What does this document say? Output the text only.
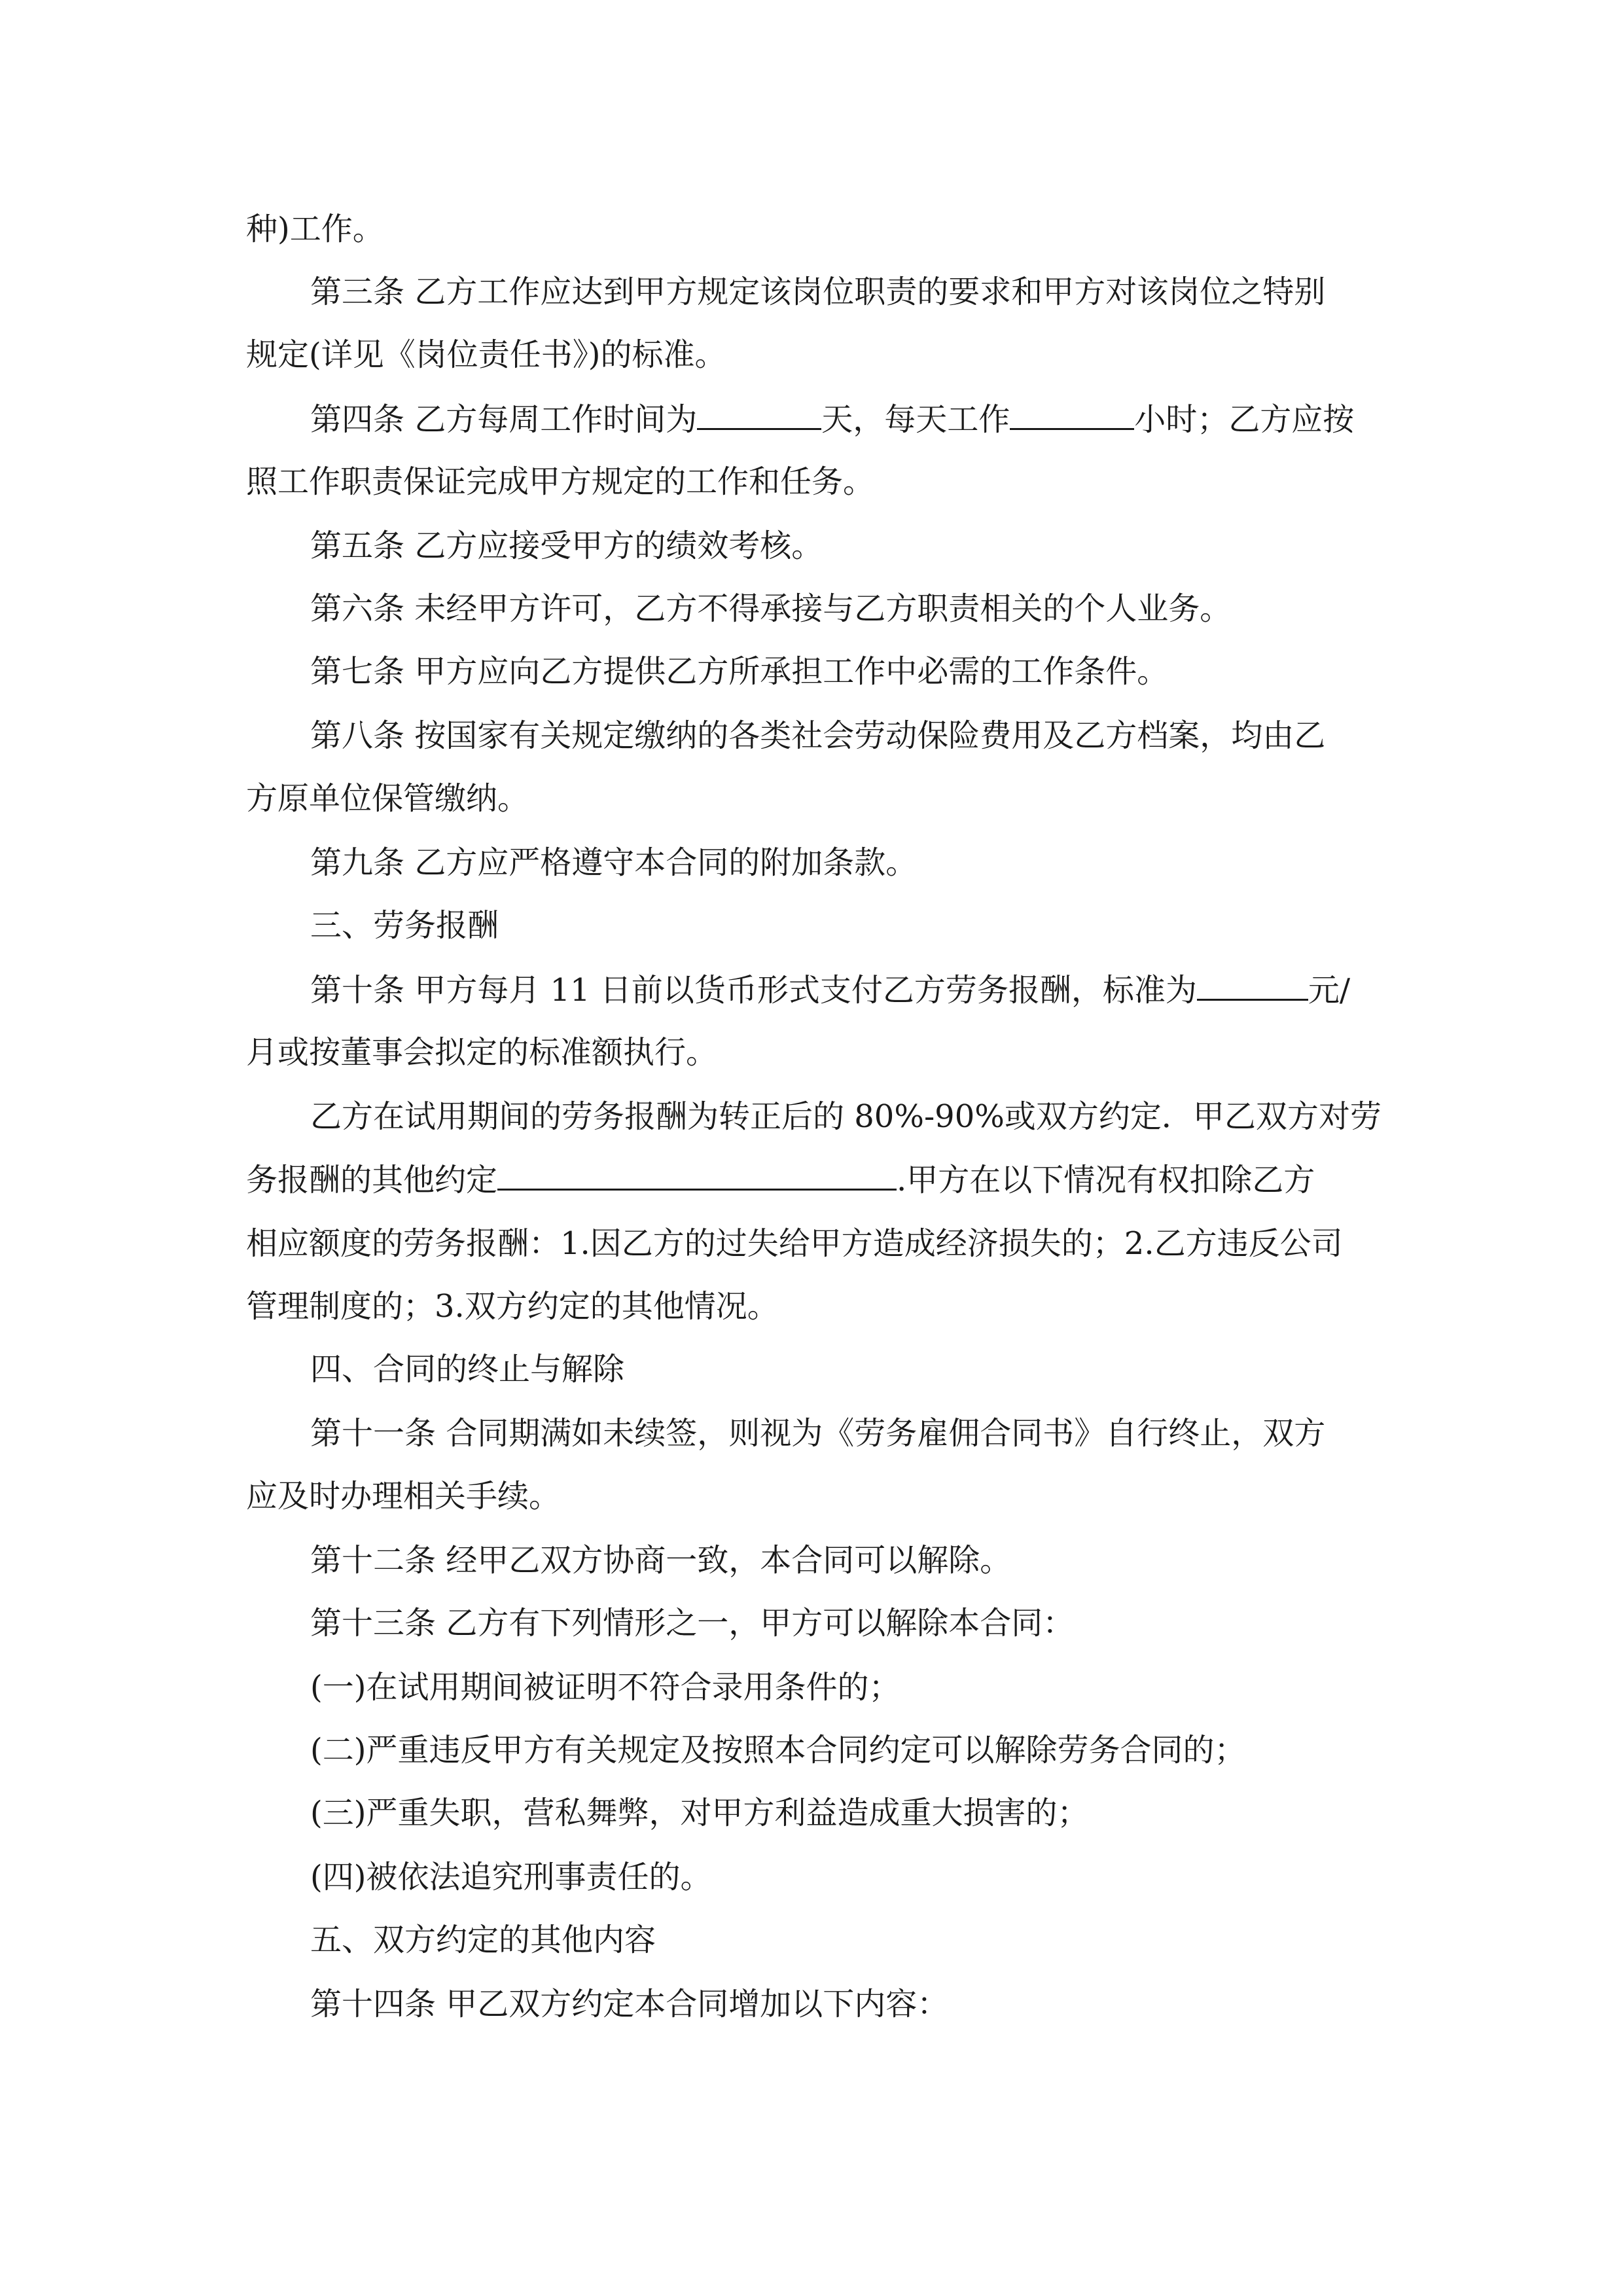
种)工作。
第三条 乙方工作应达到甲方规定该岗位职责的要求和甲方对该岗位之特别
规定(详见《岗位责任书》)的标准。
第四条 乙方每周工作时间为	天，每天工作	小时；乙方应按
照工作职责保证完成甲方规定的工作和任务。
第五条 乙方应接受甲方的绩效考核。
第六条 未经甲方许可，乙方不得承接与乙方职责相关的个人业务。
第七条 甲方应向乙方提供乙方所承担工作中必需的工作条件。
第八条 按国家有关规定缴纳的各类社会劳动保险费用及乙方档案，均由乙
方原单位保管缴纳。
第九条 乙方应严格遵守本合同的附加条款。
三、劳务报酬
第十条 甲方每月 11 日前以货币形式支付乙方劳务报酬，标准为	元/
月或按董事会拟定的标准额执行。
乙方在试用期间的劳务报酬为转正后的 80%-90%或双方约定．甲乙双方对劳
务报酬的其他约定	.甲方在以下情况有权扣除乙方
相应额度的劳务报酬：1.因乙方的过失给甲方造成经济损失的；2.乙方违反公司
管理制度的；3.双方约定的其他情况。
四、合同的终止与解除
第十一条 合同期满如未续签，则视为《劳务雇佣合同书》自行终止，双方
应及时办理相关手续。
第十二条 经甲乙双方协商一致，本合同可以解除。
第十三条 乙方有下列情形之一，甲方可以解除本合同：
(一)在试用期间被证明不符合录用条件的；
(二)严重违反甲方有关规定及按照本合同约定可以解除劳务合同的；
(三)严重失职，营私舞弊，对甲方利益造成重大损害的；
(四)被依法追究刑事责任的。
五、双方约定的其他内容
第十四条 甲乙双方约定本合同增加以下内容：
